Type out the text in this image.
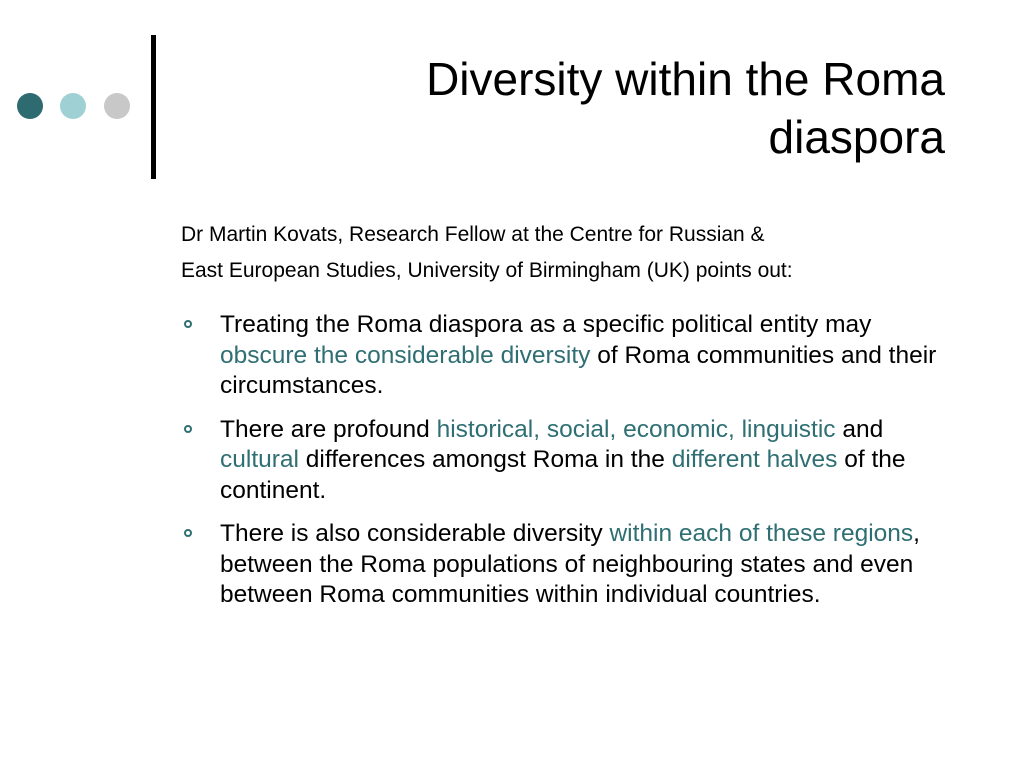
Diversity within the Roma
diaspora
Dr Martin Kovats, Research Fellow at the Centre for Russian &
East European Studies, University of Birmingham (UK) points out:
Treating the Roma diaspora as a specific political entity may obscure the considerable diversity of Roma communities and their circumstances.
There are profound historical, social, economic, linguistic and cultural differences amongst Roma in the different halves of the continent.
There is also considerable diversity within each of these regions, between the Roma populations of neighbouring states and even between Roma communities within individual countries.
